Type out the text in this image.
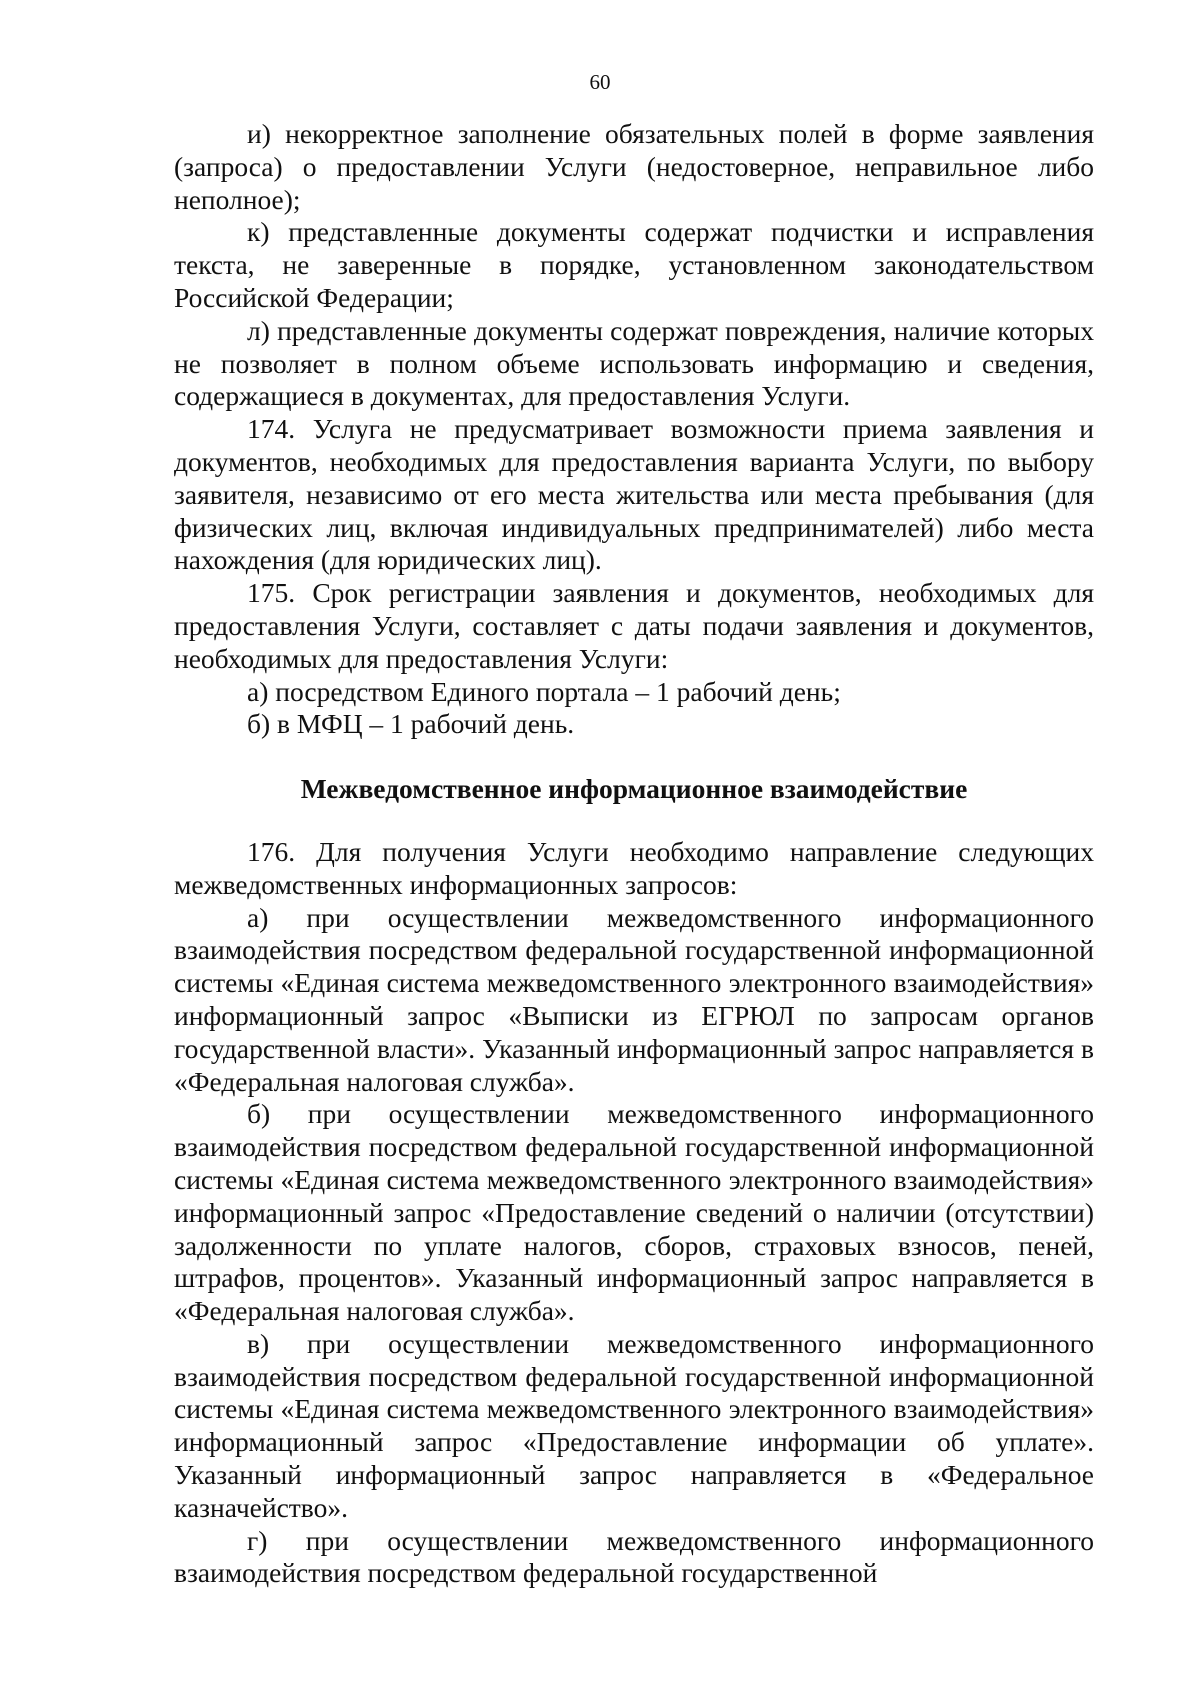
60

и) некорректное заполнение обязательных полей в форме заявления (запроса) о предоставлении Услуги (недостоверное, неправильное либо неполное);

к) представленные документы содержат подчистки и исправления текста, не заверенные в порядке, установленном законодательством Российской Федерации;

л) представленные документы содержат повреждения, наличие которых не позволяет в полном объеме использовать информацию и сведения, содержащиеся в документах, для предоставления Услуги.

174. Услуга не предусматривает возможности приема заявления и документов, необходимых для предоставления варианта Услуги, по выбору заявителя, независимо от его места жительства или места пребывания (для физических лиц, включая индивидуальных предпринимателей) либо места нахождения (для юридических лиц).

175. Срок регистрации заявления и документов, необходимых для предоставления Услуги, составляет с даты подачи заявления и документов, необходимых для предоставления Услуги:

а) посредством Единого портала – 1 рабочий день;

б) в МФЦ – 1 рабочий день.

Межведомственное информационное взаимодействие

176. Для получения Услуги необходимо направление следующих межведомственных информационных запросов:

а) при осуществлении межведомственного информационного взаимодействия посредством федеральной государственной информационной системы «Единая система межведомственного электронного взаимодействия» информационный запрос «Выписки из ЕГРЮЛ по запросам органов государственной власти». Указанный информационный запрос направляется в «Федеральная налоговая служба».

б) при осуществлении межведомственного информационного взаимодействия посредством федеральной государственной информационной системы «Единая система межведомственного электронного взаимодействия» информационный запрос «Предоставление сведений о наличии (отсутствии) задолженности по уплате налогов, сборов, страховых взносов, пеней, штрафов, процентов». Указанный информационный запрос направляется в «Федеральная налоговая служба».

в) при осуществлении межведомственного информационного взаимодействия посредством федеральной государственной информационной системы «Единая система межведомственного электронного взаимодействия» информационный запрос «Предоставление информации об уплате». Указанный информационный запрос направляется в «Федеральное казначейство».

г) при осуществлении межведомственного информационного взаимодействия посредством федеральной государственной
